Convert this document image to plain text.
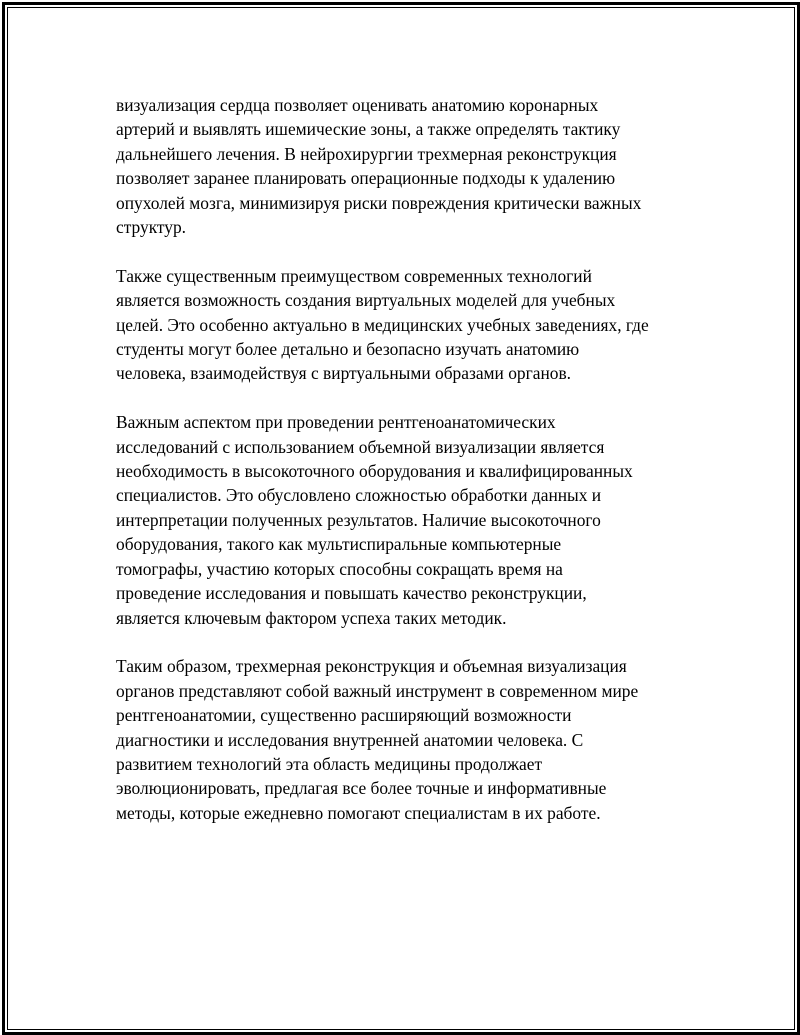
визуализация сердца позволяет оценивать анатомию коронарных
артерий и выявлять ишемические зоны, а также определять тактику
дальнейшего лечения. В нейрохирургии трехмерная реконструкция
позволяет заранее планировать операционные подходы к удалению
опухолей мозга, минимизируя риски повреждения критически важных
структур.
Также существенным преимуществом современных технологий
является возможность создания виртуальных моделей для учебных
целей. Это особенно актуально в медицинских учебных заведениях, где
студенты могут более детально и безопасно изучать анатомию
человека, взаимодействуя с виртуальными образами органов.
Важным аспектом при проведении рентгеноанатомических
исследований с использованием объемной визуализации является
необходимость в высокоточного оборудования и квалифицированных
специалистов. Это обусловлено сложностью обработки данных и
интерпретации полученных результатов. Наличие высокоточного
оборудования, такого как мультиспиральные компьютерные
томографы, участию которых способны сокращать время на
проведение исследования и повышать качество реконструкции,
является ключевым фактором успеха таких методик.
Таким образом, трехмерная реконструкция и объемная визуализация
органов представляют собой важный инструмент в современном мире
рентгеноанатомии, существенно расширяющий возможности
диагностики и исследования внутренней анатомии человека. С
развитием технологий эта область медицины продолжает
эволюционировать, предлагая все более точные и информативные
методы, которые ежедневно помогают специалистам в их работе.
